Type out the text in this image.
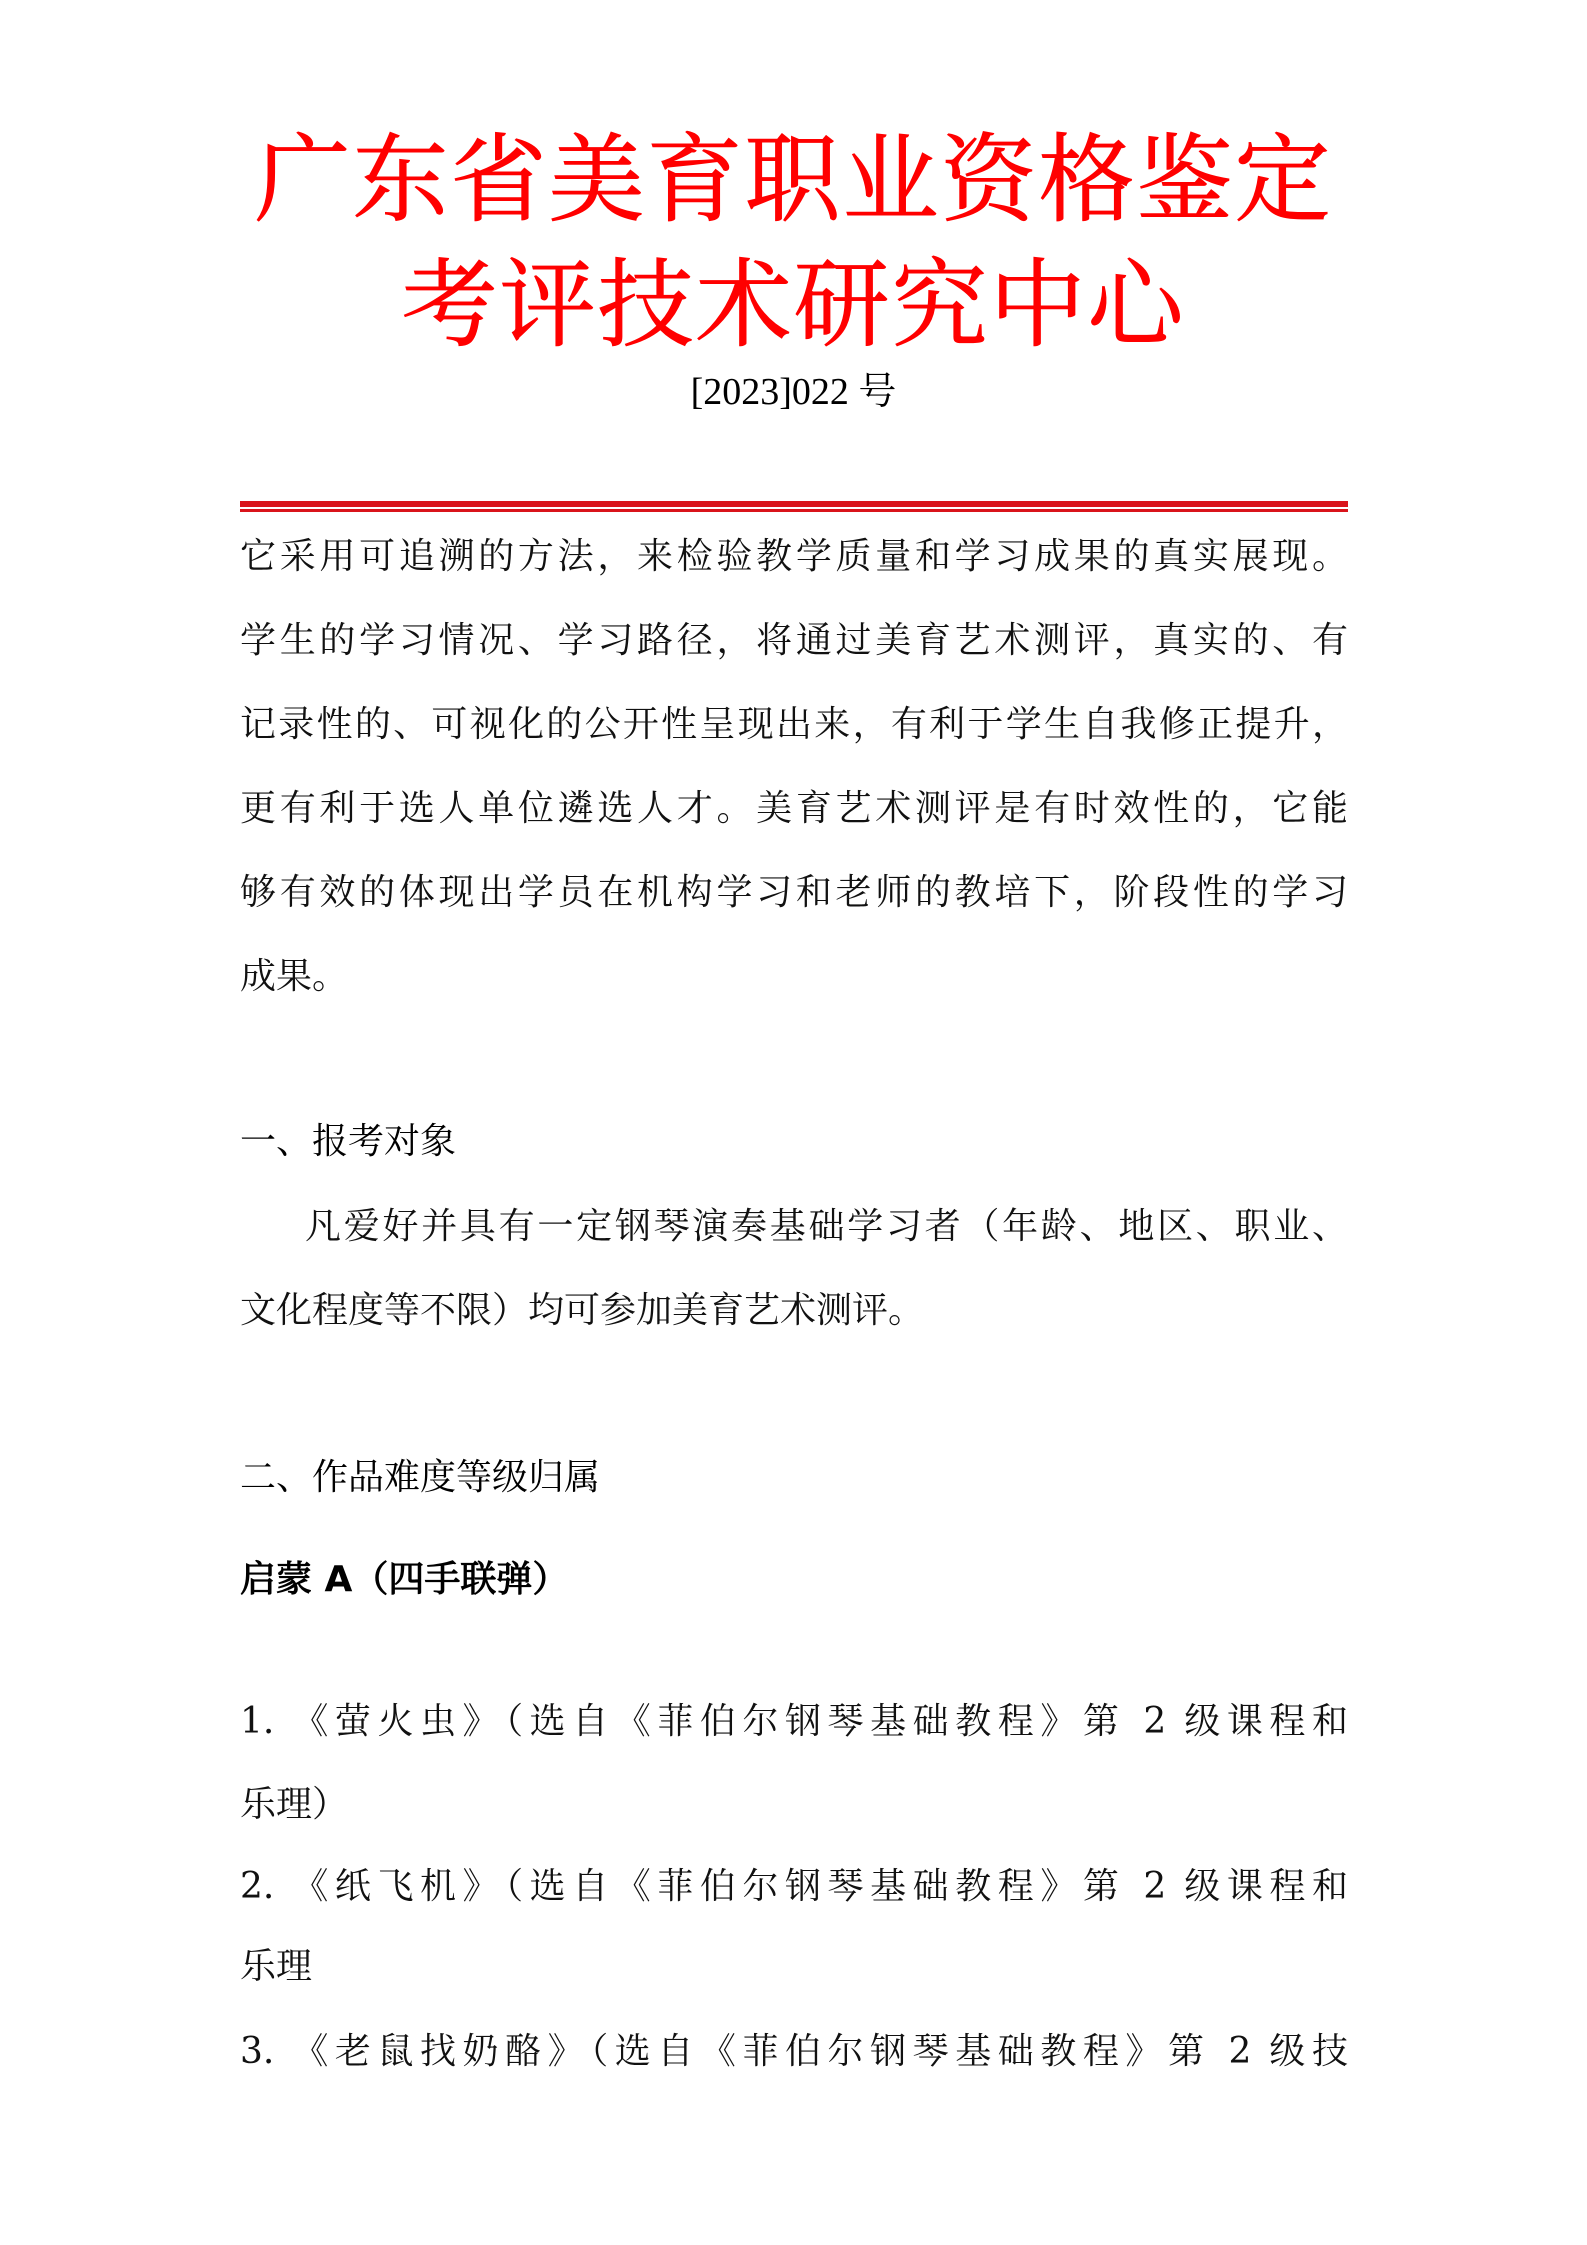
广东省美育职业资格鉴定
考评技术研究中心
[2023]022 号
它采用可追溯的方法，来检验教学质量和学习成果的真实展现。
学生的学习情况、学习路径，将通过美育艺术测评，真实的、有
记录性的、可视化的公开性呈现出来，有利于学生自我修正提升，
更有利于选人单位遴选人才。美育艺术测评是有时效性的，它能
够有效的体现出学员在机构学习和老师的教培下，阶段性的学习
成果。
一、报考对象
凡爱好并具有一定钢琴演奏基础学习者（年龄、地区、职业、
文化程度等不限）均可参加美育艺术测评。
二、作品难度等级归属
启蒙 A（四手联弹）
1. 《萤火虫》（选自《菲伯尔钢琴基础教程》第 2 级课程和
乐理）
2. 《纸飞机》（选自《菲伯尔钢琴基础教程》第 2 级课程和
乐理
3. 《老鼠找奶酪》（选自《菲伯尔钢琴基础教程》第 2 级技
